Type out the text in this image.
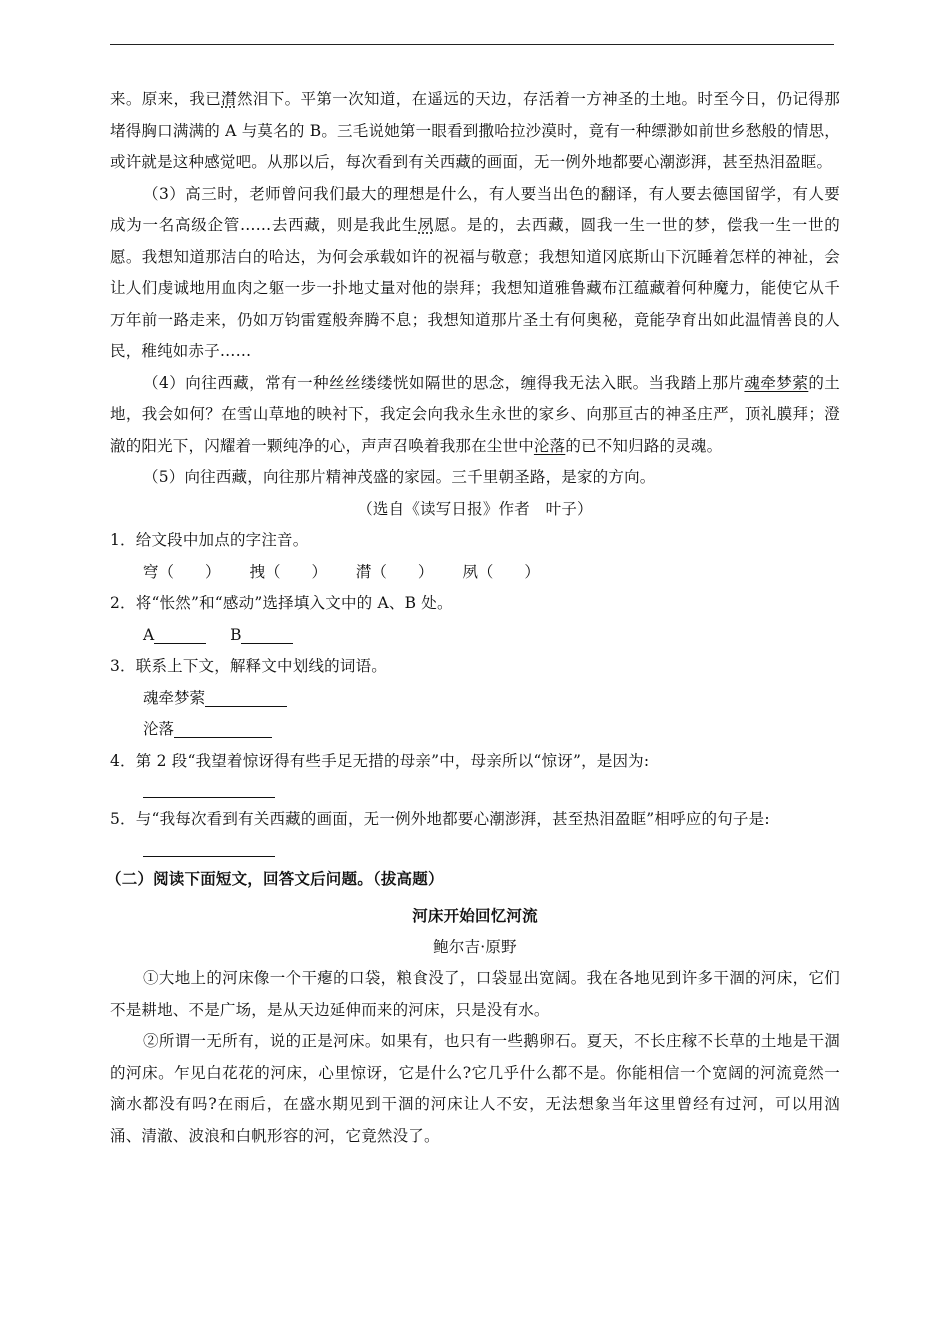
来。原来，我已潸然泪下。平第一次知道，在遥远的天边，存活着一方神圣的土地。时至今日，仍记得那堵得胸口满满的 A 与莫名的 B。三毛说她第一眼看到撒哈拉沙漠时，竟有一种缥渺如前世乡愁般的情思，或许就是这种感觉吧。从那以后，每次看到有关西藏的画面，无一例外地都要心潮澎湃，甚至热泪盈眶。

（3）高三时，老师曾问我们最大的理想是什么，有人要当出色的翻译，有人要去德国留学，有人要成为一名高级企管……去西藏，则是我此生夙愿。是的，去西藏，圆我一生一世的梦，偿我一生一世的愿。我想知道那洁白的哈达，为何会承载如许的祝福与敬意；我想知道冈底斯山下沉睡着怎样的神祉，会让人们虔诚地用血肉之躯一步一扑地丈量对他的崇拜；我想知道雅鲁藏布江蕴藏着何种魔力，能使它从千万年前一路走来，仍如万钧雷霆般奔腾不息；我想知道那片圣土有何奥秘，竟能孕育出如此温情善良的人民，稚纯如赤子……

（4）向往西藏，常有一种丝丝缕缕恍如隔世的思念，缠得我无法入眠。当我踏上那片魂牵梦萦的土地，我会如何？在雪山草地的映衬下，我定会向我永生永世的家乡、向那亘古的神圣庄严，顶礼膜拜；澄澈的阳光下，闪耀着一颗纯净的心，声声召唤着我那在尘世中沦落的已不知归路的灵魂。

（5）向往西藏，向往那片精神茂盛的家园。三千里朝圣路，是家的方向。

（选自《读写日报》作者　叶子）

1．给文段中加点的字注音。

穹（　　） 拽（　　） 潸（　　） 夙（　　）

2．将“怅然”和“感动”选择填入文中的 A、B 处。

A	B

3．联系上下文，解释文中划线的词语。

魂牵梦萦

沦落

4．第 2 段“我望着惊讶得有些手足无措的母亲”中，母亲所以“惊讶”，是因为:

5．与“我每次看到有关西藏的画面，无一例外地都要心潮澎湃，甚至热泪盈眶”相呼应的句子是:

（二）阅读下面短文，回答文后问题。（拔高题）

河床开始回忆河流

鲍尔吉·原野

①大地上的河床像一个干瘪的口袋，粮食没了，口袋显出宽阔。我在各地见到许多干涸的河床，它们不是耕地、不是广场，是从天边延伸而来的河床，只是没有水。

②所谓一无所有，说的正是河床。如果有，也只有一些鹅卵石。夏天，不长庄稼不长草的土地是干涸的河床。乍见白花花的河床，心里惊讶，它是什么?它几乎什么都不是。你能相信一个宽阔的河流竟然一滴水都没有吗?在雨后，在盛水期见到干涸的河床让人不安，无法想象当年这里曾经有过河，可以用汹涌、清澈、波浪和白帆形容的河，它竟然没了。
